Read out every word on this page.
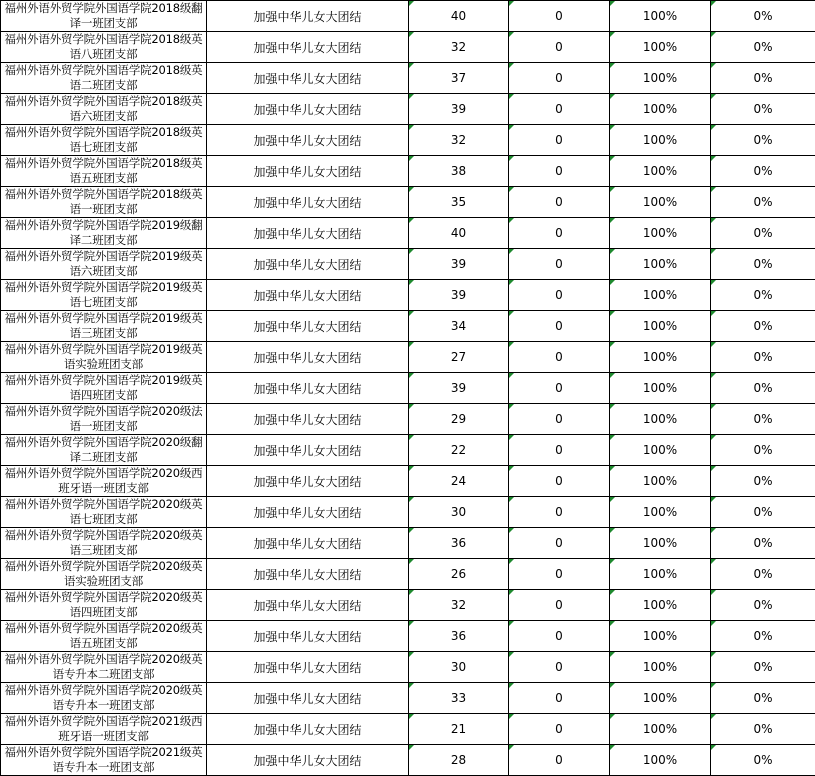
福州外语外贸学院外国语学院2018级翻译一班团支部	加强中华儿女大团结	40	0	100%	0%
福州外语外贸学院外国语学院2018级英语八班团支部	加强中华儿女大团结	32	0	100%	0%
福州外语外贸学院外国语学院2018级英语二班团支部	加强中华儿女大团结	37	0	100%	0%
福州外语外贸学院外国语学院2018级英语六班团支部	加强中华儿女大团结	39	0	100%	0%
福州外语外贸学院外国语学院2018级英语七班团支部	加强中华儿女大团结	32	0	100%	0%
福州外语外贸学院外国语学院2018级英语五班团支部	加强中华儿女大团结	38	0	100%	0%
福州外语外贸学院外国语学院2018级英语一班团支部	加强中华儿女大团结	35	0	100%	0%
福州外语外贸学院外国语学院2019级翻译二班团支部	加强中华儿女大团结	40	0	100%	0%
福州外语外贸学院外国语学院2019级英语六班团支部	加强中华儿女大团结	39	0	100%	0%
福州外语外贸学院外国语学院2019级英语七班团支部	加强中华儿女大团结	39	0	100%	0%
福州外语外贸学院外国语学院2019级英语三班团支部	加强中华儿女大团结	34	0	100%	0%
福州外语外贸学院外国语学院2019级英语实验班团支部	加强中华儿女大团结	27	0	100%	0%
福州外语外贸学院外国语学院2019级英语四班团支部	加强中华儿女大团结	39	0	100%	0%
福州外语外贸学院外国语学院2020级法语一班团支部	加强中华儿女大团结	29	0	100%	0%
福州外语外贸学院外国语学院2020级翻译二班团支部	加强中华儿女大团结	22	0	100%	0%
福州外语外贸学院外国语学院2020级西班牙语一班团支部	加强中华儿女大团结	24	0	100%	0%
福州外语外贸学院外国语学院2020级英语七班团支部	加强中华儿女大团结	30	0	100%	0%
福州外语外贸学院外国语学院2020级英语三班团支部	加强中华儿女大团结	36	0	100%	0%
福州外语外贸学院外国语学院2020级英语实验班团支部	加强中华儿女大团结	26	0	100%	0%
福州外语外贸学院外国语学院2020级英语四班团支部	加强中华儿女大团结	32	0	100%	0%
福州外语外贸学院外国语学院2020级英语五班团支部	加强中华儿女大团结	36	0	100%	0%
福州外语外贸学院外国语学院2020级英语专升本二班团支部	加强中华儿女大团结	30	0	100%	0%
福州外语外贸学院外国语学院2020级英语专升本一班团支部	加强中华儿女大团结	33	0	100%	0%
福州外语外贸学院外国语学院2021级西班牙语一班团支部	加强中华儿女大团结	21	0	100%	0%
福州外语外贸学院外国语学院2021级英语专升本一班团支部	加强中华儿女大团结	28	0	100%	0%
